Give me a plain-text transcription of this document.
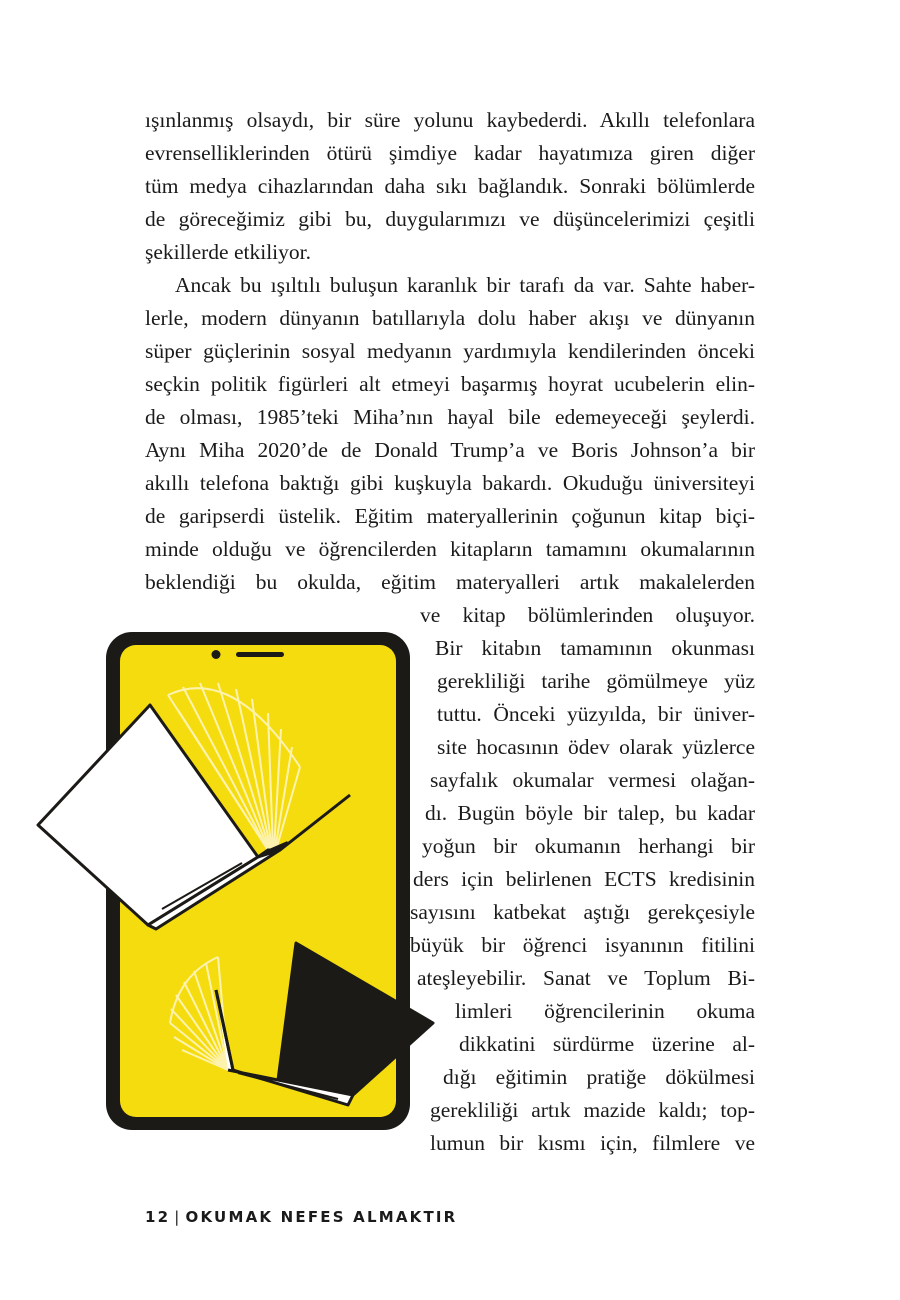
ışınlanmış olsaydı, bir süre yolunu kaybederdi. Akıllı telefonlara
evrenselliklerinden ötürü şimdiye kadar hayatımıza giren diğer
tüm medya cihazlarından daha sıkı bağlandık. Sonraki bölümlerde
de göreceğimiz gibi bu, duygularımızı ve düşüncelerimizi çeşitli
şekillerde etkiliyor.
Ancak bu ışıltılı buluşun karanlık bir tarafı da var. Sahte haber-
lerle, modern dünyanın batıllarıyla dolu haber akışı ve dünyanın
süper güçlerinin sosyal medyanın yardımıyla kendilerinden önceki
seçkin politik figürleri alt etmeyi başarmış hoyrat ucubelerin elin-
de olması, 1985’teki Miha’nın hayal bile edemeyeceği şeylerdi.
Aynı Miha 2020’de de Donald Trump’a ve Boris Johnson’a bir
akıllı telefona baktığı gibi kuşkuyla bakardı. Okuduğu üniversiteyi
de garipserdi üstelik. Eğitim materyallerinin çoğunun kitap biçi-
minde olduğu ve öğrencilerden kitapların tamamını okumalarının
beklendiği bu okulda, eğitim materyalleri artık makalelerden
ve kitap bölümlerinden oluşuyor.
Bir kitabın tamamının okunması
gerekliliği tarihe gömülmeye yüz
tuttu. Önceki yüzyılda, bir üniver-
site hocasının ödev olarak yüzlerce
sayfalık okumalar vermesi olağan-
dı. Bugün böyle bir talep, bu kadar
yoğun bir okumanın herhangi bir
ders için belirlenen ECTS kredisinin
sayısını katbekat aştığı gerekçesiyle
büyük bir öğrenci isyanının fitilini
ateşleyebilir. Sanat ve Toplum Bi-
limleri öğrencilerinin okuma
dikkatini sürdürme üzerine al-
dığı eğitimin pratiğe dökülmesi
gerekliliği artık mazide kaldı; top-
lumun bir kısmı için, filmlere ve
12 | OKUMAK NEFES ALMAKTIR
